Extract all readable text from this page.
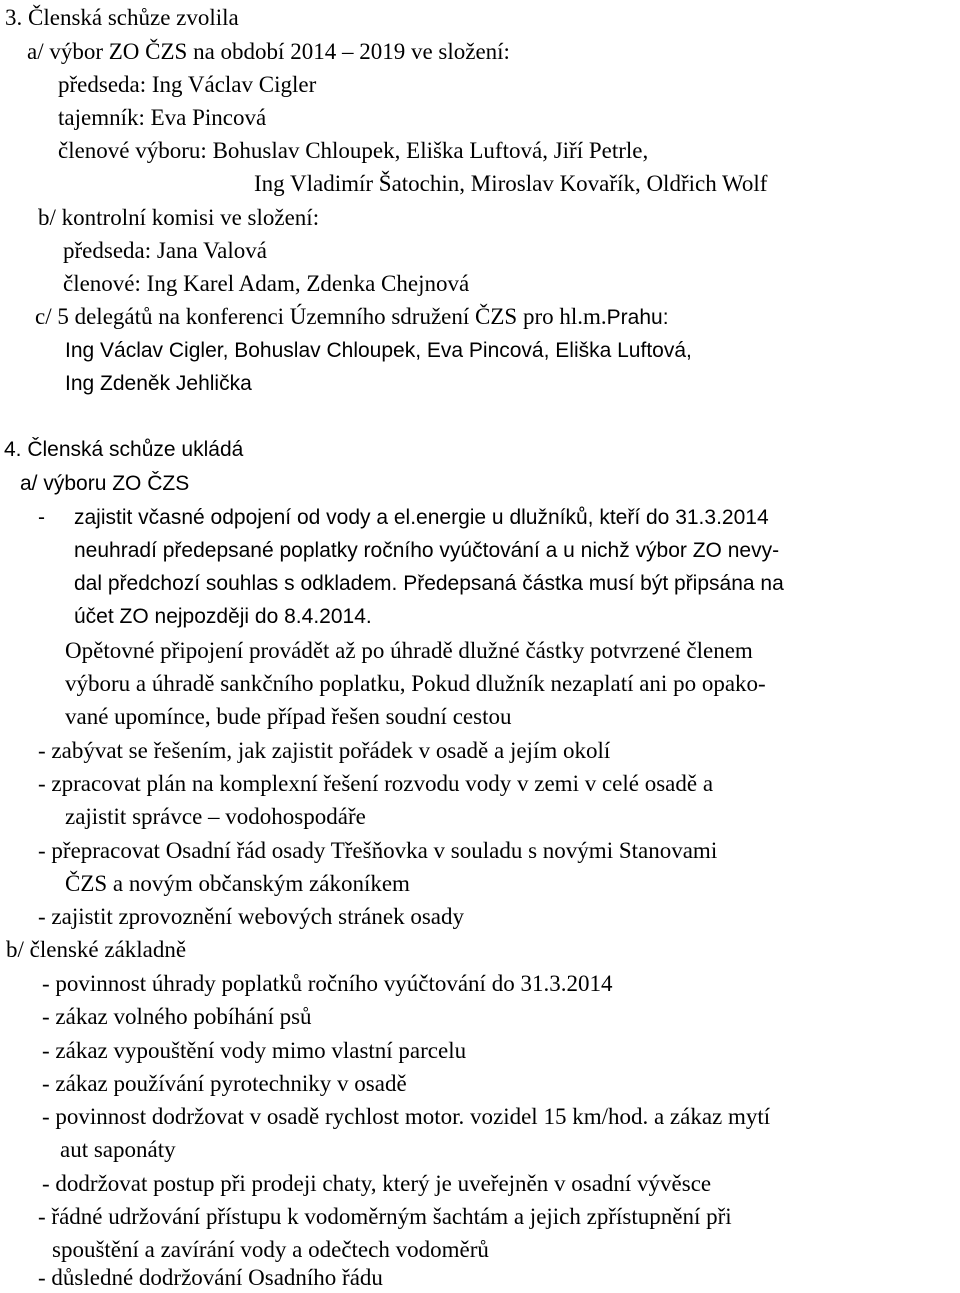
3. Členská schůze zvolila
a/ výbor ZO ČZS na období 2014 – 2019 ve složení:
předseda: Ing Václav Cigler
tajemník: Eva Pincová
členové výboru: Bohuslav Chloupek, Eliška Luftová, Jiří Petrle,
Ing Vladimír Šatochin, Miroslav Kovařík, Oldřich Wolf
b/ kontrolní komisi ve složení:
předseda: Jana Valová
členové: Ing Karel Adam, Zdenka Chejnová
c/ 5 delegátů na konferenci Územního sdružení ČZS pro hl.m.Prahu:
Ing Václav Cigler, Bohuslav Chloupek, Eva Pincová, Eliška Luftová,
Ing Zdeněk Jehlička
4. Členská schůze ukládá
a/ výboru ZO ČZS
- zajistit včasné odpojení od vody a el.energie u dlužníků, kteří do 31.3.2014
neuhradí předepsané poplatky ročního vyúčtování a u nichž výbor ZO nevy-
dal předchozí souhlas s odkladem. Předepsaná částka musí být připsána na
účet ZO nejpozději do 8.4.2014.
Opětovné připojení provádět až po úhradě dlužné částky potvrzené členem
výboru a úhradě sankčního poplatku, Pokud dlužník nezaplatí ani po opako-
vané upomínce, bude případ řešen soudní cestou
- zabývat se řešením, jak zajistit pořádek v osadě a jejím okolí
- zpracovat plán na komplexní řešení rozvodu vody v zemi v celé osadě a
zajistit správce – vodohospodáře
- přepracovat Osadní řád osady Třešňovka v souladu s novými Stanovami
ČZS a novým občanským zákoníkem
- zajistit zprovoznění webových stránek osady
b/ členské základně
- povinnost úhrady poplatků ročního vyúčtování do 31.3.2014
- zákaz volného pobíhání psů
- zákaz vypouštění vody mimo vlastní parcelu
- zákaz používání pyrotechniky v osadě
- povinnost dodržovat v osadě rychlost motor. vozidel 15 km/hod. a zákaz mytí
aut saponáty
- dodržovat postup při prodeji chaty, který je uveřejněn v osadní vývěsce
- řádné udržování přístupu k vodoměrným šachtám a jejich zpřístupnění při
spouštění a zavírání vody a odečtech vodoměrů
- důsledné dodržování Osadního řádu
